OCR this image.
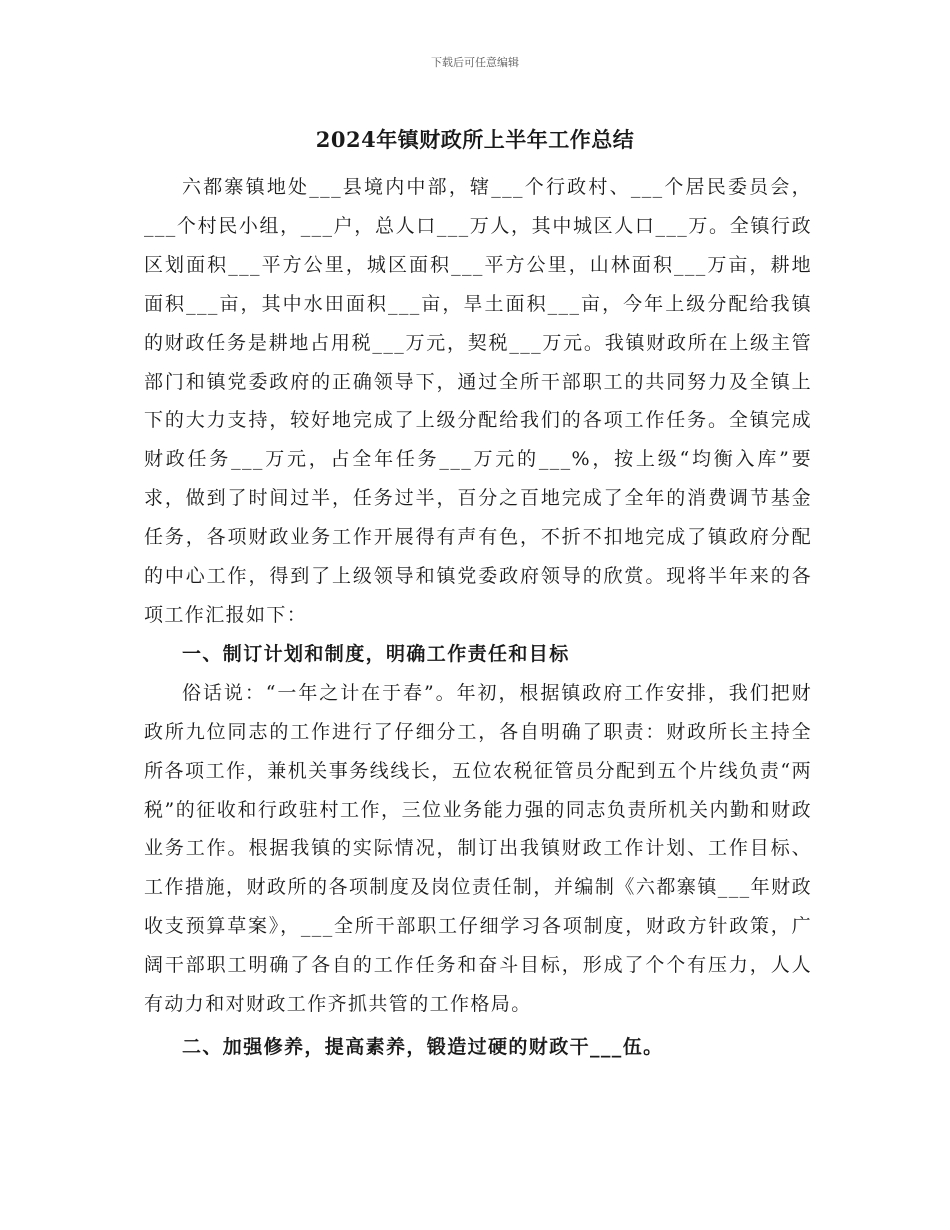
下载后可任意编辑
2024年镇财政所上半年工作总结

六都寨镇地处___县境内中部，辖___个行政村、___个居民委员会，___个村民小组，___户，总人口___万人，其中城区人口___万。全镇行政区划面积___平方公里，城区面积___平方公里，山林面积___万亩，耕地面积___亩，其中水田面积___亩，旱土面积___亩，今年上级分配给我镇的财政任务是耕地占用税___万元，契税___万元。我镇财政所在上级主管部门和镇党委政府的正确领导下，通过全所干部职工的共同努力及全镇上下的大力支持，较好地完成了上级分配给我们的各项工作任务。全镇完成财政任务___万元，占全年任务___万元的___%，按上级“均衡入库”要求，做到了时间过半，任务过半，百分之百地完成了全年的消费调节基金任务，各项财政业务工作开展得有声有色，不折不扣地完成了镇政府分配的中心工作，得到了上级领导和镇党委政府领导的欣赏。现将半年来的各项工作汇报如下：

一、制订计划和制度，明确工作责任和目标

俗话说：“一年之计在于春”。年初，根据镇政府工作安排，我们把财政所九位同志的工作进行了仔细分工，各自明确了职责：财政所长主持全所各项工作，兼机关事务线线长，五位农税征管员分配到五个片线负责“两税”的征收和行政驻村工作，三位业务能力强的同志负责所机关内勤和财政业务工作。根据我镇的实际情况，制订出我镇财政工作计划、工作目标、工作措施，财政所的各项制度及岗位责任制，并编制《六都寨镇___年财政收支预算草案》，___全所干部职工仔细学习各项制度，财政方针政策，广阔干部职工明确了各自的工作任务和奋斗目标，形成了个个有压力，人人有动力和对财政工作齐抓共管的工作格局。

二、加强修养，提高素养，锻造过硬的财政干___伍。
